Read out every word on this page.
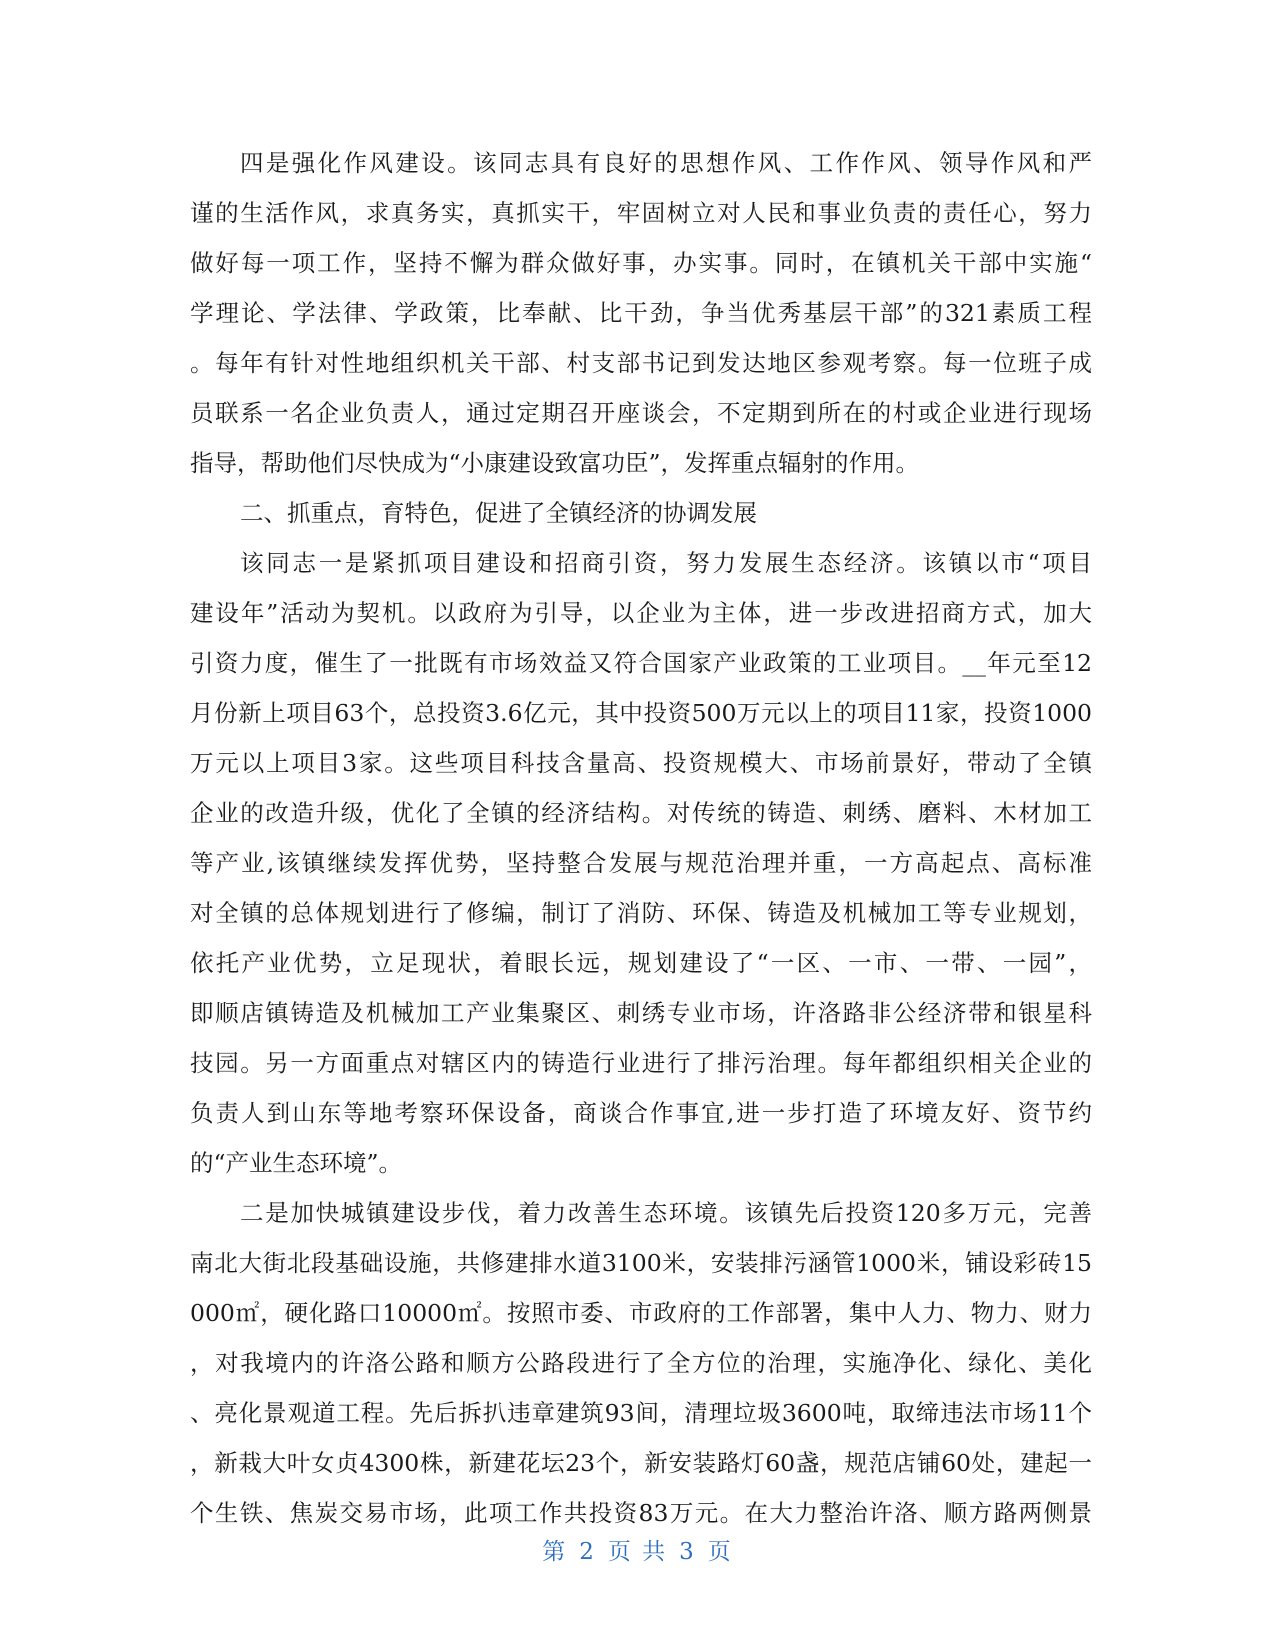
四是强化作风建设。该同志具有良好的思想作风、工作作风、领导作风和严
谨的生活作风，求真务实，真抓实干，牢固树立对人民和事业负责的责任心，努力
做好每一项工作，坚持不懈为群众做好事，办实事。同时，在镇机关干部中实施“
学理论、学法律、学政策，比奉献、比干劲，争当优秀基层干部”的321素质工程
。每年有针对性地组织机关干部、村支部书记到发达地区参观考察。每一位班子成
员联系一名企业负责人，通过定期召开座谈会，不定期到所在的村或企业进行现场
指导，帮助他们尽快成为“小康建设致富功臣”，发挥重点辐射的作用。
二、抓重点，育特色，促进了全镇经济的协调发展
该同志一是紧抓项目建设和招商引资，努力发展生态经济。该镇以市“项目
建设年”活动为契机。以政府为引导，以企业为主体，进一步改进招商方式，加大
引资力度，催生了一批既有市场效益又符合国家产业政策的工业项目。__年元至12
月份新上项目63个，总投资3.6亿元，其中投资500万元以上的项目11家，投资1000
万元以上项目3家。这些项目科技含量高、投资规模大、市场前景好，带动了全镇
企业的改造升级，优化了全镇的经济结构。对传统的铸造、刺绣、磨料、木材加工
等产业,该镇继续发挥优势，坚持整合发展与规范治理并重，一方高起点、高标准
对全镇的总体规划进行了修编，制订了消防、环保、铸造及机械加工等专业规划，
依托产业优势，立足现状，着眼长远，规划建设了“一区、一市、一带、一园”，
即顺店镇铸造及机械加工产业集聚区、刺绣专业市场，许洛路非公经济带和银星科
技园。另一方面重点对辖区内的铸造行业进行了排污治理。每年都组织相关企业的
负责人到山东等地考察环保设备，商谈合作事宜,进一步打造了环境友好、资节约
的“产业生态环境”。
二是加快城镇建设步伐，着力改善生态环境。该镇先后投资120多万元，完善
南北大街北段基础设施，共修建排水道3100米，安装排污涵管1000米，铺设彩砖15
000㎡，硬化路口10000㎡。按照市委、市政府的工作部署，集中人力、物力、财力
，对我境内的许洛公路和顺方公路段进行了全方位的治理，实施净化、绿化、美化
、亮化景观道工程。先后拆扒违章建筑93间，清理垃圾3600吨，取缔违法市场11个
，新栽大叶女贞4300株，新建花坛23个，新安装路灯60盏，规范店铺60处，建起一
个生铁、焦炭交易市场，此项工作共投资83万元。在大力整治许洛、顺方路两侧景
第 2 页 共 3 页
